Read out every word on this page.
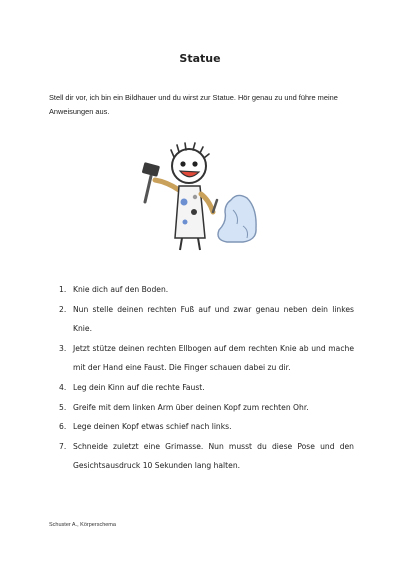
Statue
Stell dir vor, ich bin ein Bildhauer und du wirst zur Statue. Hör genau zu und führe meine Anweisungen aus.
1. Knie dich auf den Boden.
2. Nun stelle deinen rechten Fuß auf und zwar genau neben dein linkes Knie.
3. Jetzt stütze deinen rechten Ellbogen auf dem rechten Knie ab und mache mit der Hand eine Faust. Die Finger schauen dabei zu dir.
4. Leg dein Kinn auf die rechte Faust.
5. Greife mit dem linken Arm über deinen Kopf zum rechten Ohr.
6. Lege deinen Kopf etwas schief nach links.
7. Schneide zuletzt eine Grimasse. Nun musst du diese Pose und den Gesichtsausdruck 10 Sekunden lang halten.
Schuster A., Körperschema
